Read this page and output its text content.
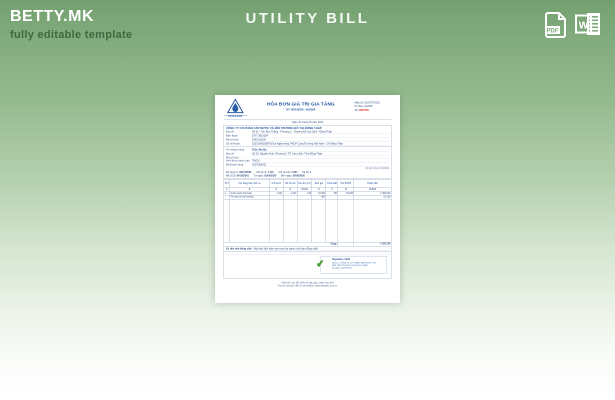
BETTY.MK
fully editable template
UTILITY BILL
PDF W
DOWASEN
HÓA ĐƠN GIÁ TRỊ GIA TĂNG
KỲ HÓA ĐƠN : 06/2020
Mẫu số: 01GTKT0/001
Ký hiệu: AA/20P
Số: 0007425
Ngày 30 tháng 06 năm 2020
CÔNG TY CỔ PHẦN CẤP NƯỚC VÀ MÔI TRƯỜNG ĐÔ THỊ ĐỒNG THÁP
Địa chỉ:	Số 01 - Tôn Đức Thắng - Phường 1 - Thành phố Cao Lãnh - Đồng Tháp
Điện thoại:	0277 3851254
Mã số thuế:	1400100104
Số tài khoản:	102010000398762 tại Ngân hàng TMCP Công Thương Việt Nam - CN Đồng Tháp
Tên khách hàng: Trần Văn Ba
Địa chỉ:	Số 25, Nguyễn Huệ, Phường 2, TP. Cao Lãnh, Tỉnh Đồng Tháp
Mã số thuế:
Hình thức thanh toán: TM/CK
Mã khách hàng:	20DT004521
(Kỳ ghi chỉ số: 06/2020)
Số công tơ: 091746532 Chỉ số cũ: 1.101 Chỉ số mới: 1.234 Hệ số: 1
Mã GCS: 06-2020/01 Từ ngày: 01/06/2020 Đến ngày: 30/06/2020
STT	Tên hàng hóa, dịch vụ	Chỉ số cũ	Chỉ số mới	Tiêu thụ (m³)	Đơn giá	Thuế suất	Phí BVMT	Thành tiền
1	2	3	4	5=4-3	6	7	8	9=5×6
1	Nước sạch sinh hoạt	1.101	1.234	133	10.300	5%	53.200	1.369.900
	Phí bảo vệ môi trường				400			53.200

Cộng:								1.423.100
Số tiền viết bằng chữ: Một triệu bốn trăm hai mươi ba nghìn một trăm đồng chẵn.
✔ Signature Valid
Ký bởi: CÔNG TY CỔ PHẦN CẤP NƯỚC VÀ
MÔI TRƯỜNG ĐÔ THỊ ĐỒNG THÁP
Ký ngày: 30/06/2020
(Cần kiểm tra, đối chiếu khi lập, giao, nhận hóa đơn)
Tra cứu hóa đơn điện tử tại website: www.dowasen.com.vn
